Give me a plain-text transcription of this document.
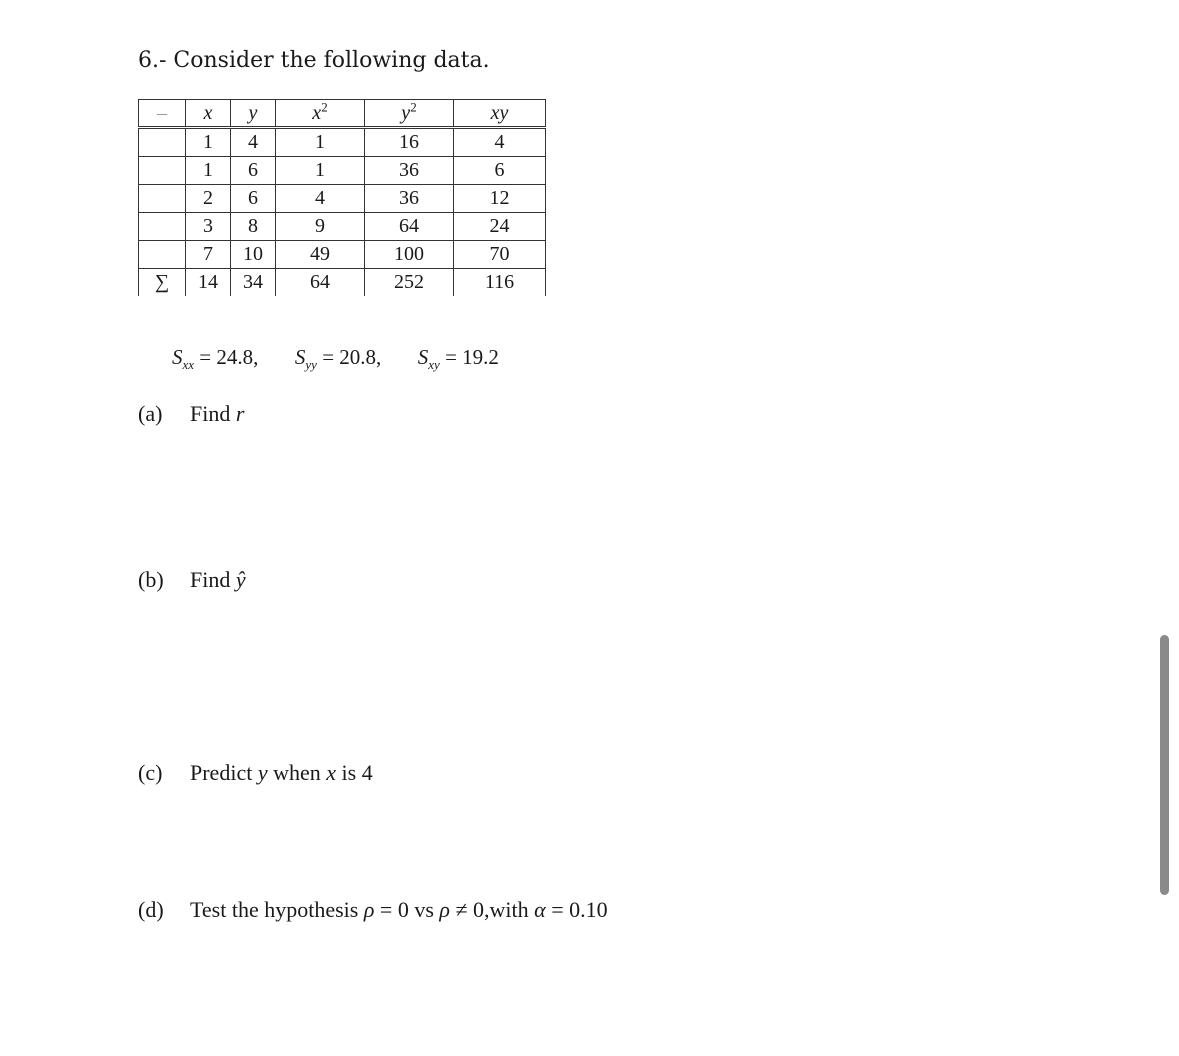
6.- Consider the following data.
–	x	y	$x^2$	$y^2$	xy
	1	4	1	16	4
	1	6	1	36	6
	2	6	4	36	12
	3	8	9	64	24
	7	10	49	100	70
∑	14	34	64	252	116
$S_{xx} = 24.8$, $S_{yy} = 20.8$, $S_{xy} = 19.2$
(a) Find r
(b) Find ŷ
(c) Predict y when x is 4
(d) Test the hypothesis ρ = 0 vs ρ ≠ 0,with α = 0.10
